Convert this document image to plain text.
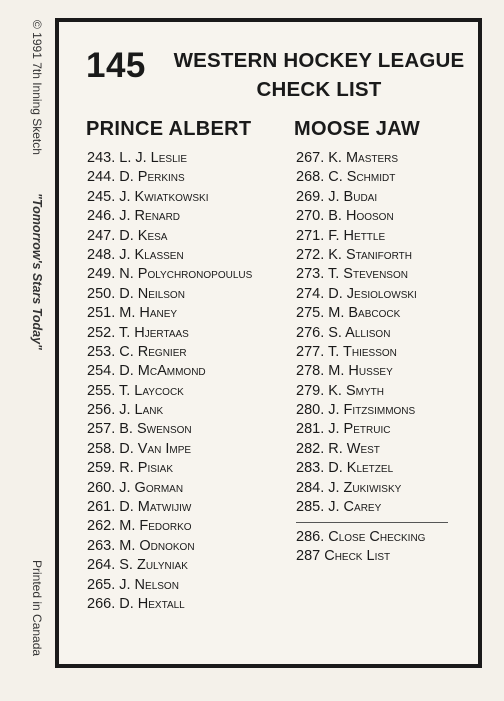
© 1991 7th Inning Sketch
"Tomorrow's Stars Today"
Printed in Canada
145	WESTERN HOCKEY LEAGUE
CHECK LIST
PRINCE ALBERT MOOSE JAW
243. L. J. Leslie
244. D. Perkins
245. J. Kwiatkowski
246. J. Renard
247. D. Kesa
248. J. Klassen
249. N. Polychronopoulus
250. D. Neilson
251. M. Haney
252. T. Hjertaas
253. C. Regnier
254. D. McAmmond
255. T. Laycock
256. J. Lank
257. B. Swenson
258. D. Van Impe
259. R. Pisiak
260. J. Gorman
261. D. Matwijiw
262. M. Fedorko
263. M. Odnokon
264. S. Zulyniak
265. J. Nelson
266. D. Hextall
267. K. Masters
268. C. Schmidt
269. J. Budai
270. B. Hooson
271. F. Hettle
272. K. Staniforth
273. T. Stevenson
274. D. Jesiolowski
275. M. Babcock
276. S. Allison
277. T. Thiesson
278. M. Hussey
279. K. Smyth
280. J. Fitzsimmons
281. J. Petruic
282. R. West
283. D. Kletzel
284. J. Zukiwisky
285. J. Carey
286. Close Checking
287 Check List
